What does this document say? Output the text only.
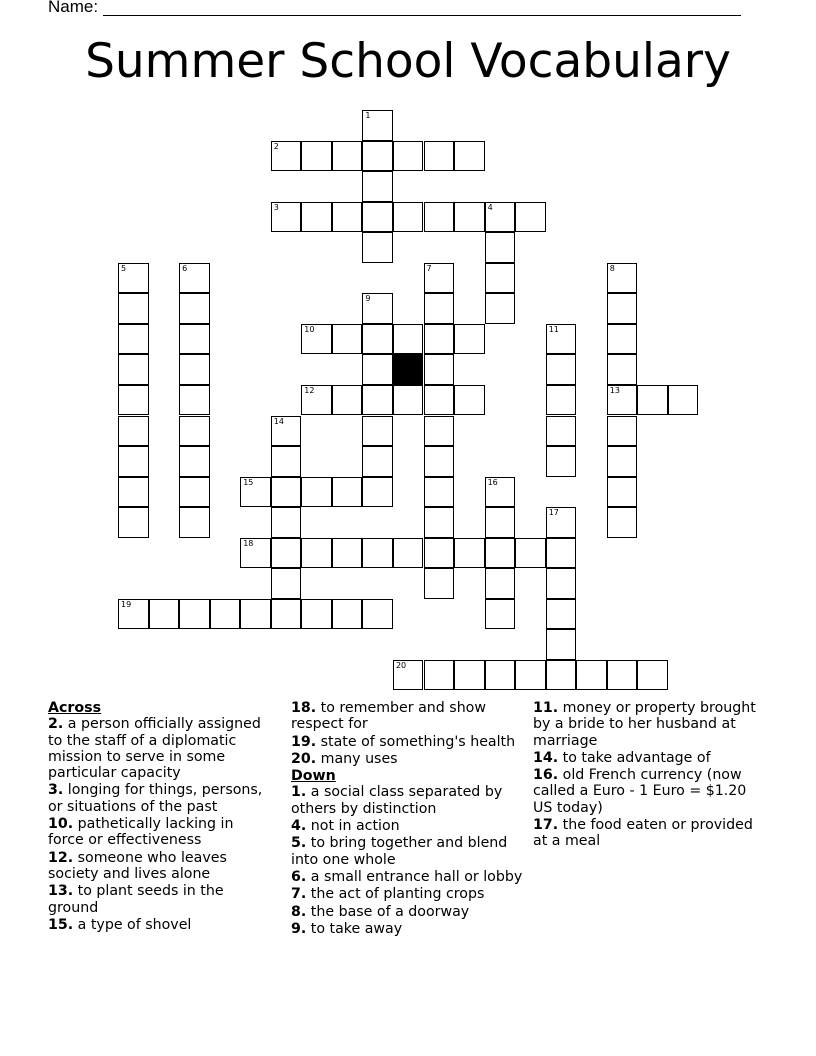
Name:
Summer School Vocabulary
1
2
3	4
5	6	7	8
9
10	11
12	13
14
15	16
17
18
19
20
Across
2. a person officially assigned to the staff of a diplomatic mission to serve in some particular capacity
3. longing for things, persons, or situations of the past
10. pathetically lacking in force or effectiveness
12. someone who leaves society and lives alone
13. to plant seeds in the ground
15. a type of shovel
18. to remember and show respect for
19. state of something's health
20. many uses
Down
1. a social class separated by others by distinction
4. not in action
5. to bring together and blend into one whole
6. a small entrance hall or lobby
7. the act of planting crops
8. the base of a doorway
9. to take away
11. money or property brought by a bride to her husband at marriage
14. to take advantage of
16. old French currency (now called a Euro - 1 Euro = $1.20 US today)
17. the food eaten or provided at a meal
